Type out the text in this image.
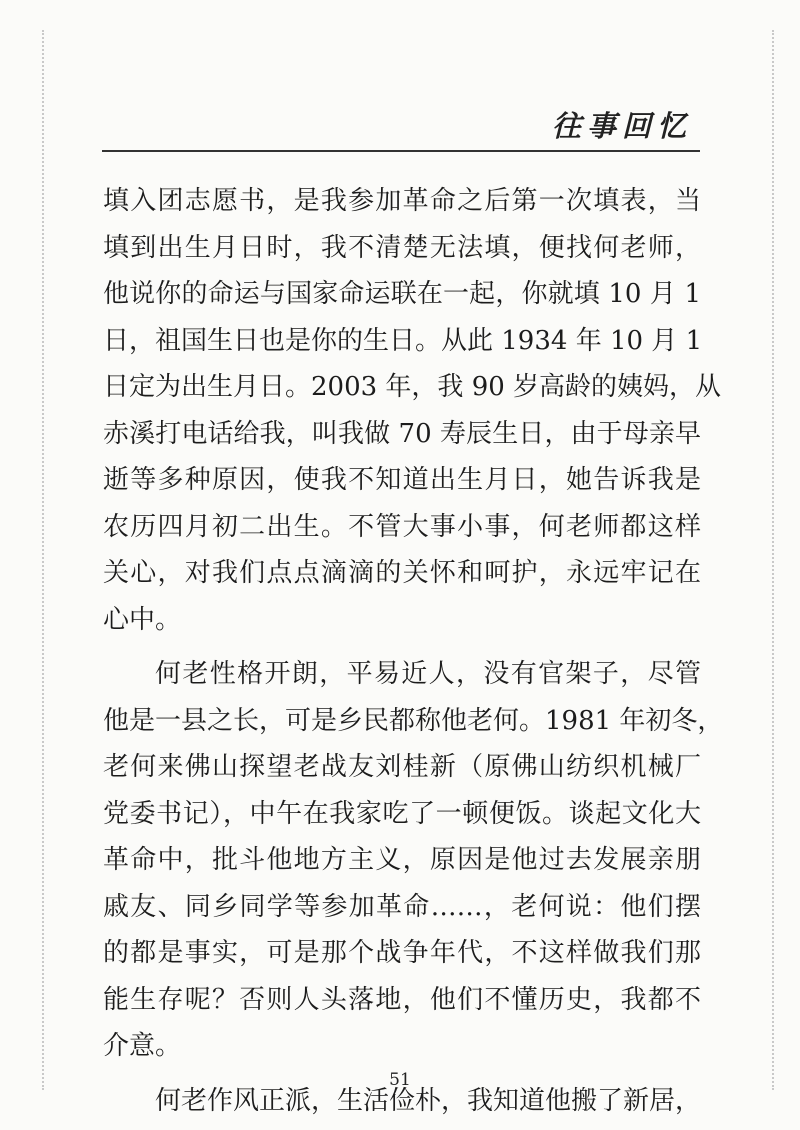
往事回忆
填入团志愿书，是我参加革命之后第一次填表，当
填到出生月日时，我不清楚无法填，便找何老师，
他说你的命运与国家命运联在一起，你就填 10 月 1
日，祖国生日也是你的生日。从此 1934 年 10 月 1
日定为出生月日。2003 年，我 90 岁高龄的姨妈，从
赤溪打电话给我，叫我做 70 寿辰生日，由于母亲早
逝等多种原因，使我不知道出生月日，她告诉我是
农历四月初二出生。不管大事小事，何老师都这样
关心，对我们点点滴滴的关怀和呵护，永远牢记在
心中。
何老性格开朗，平易近人，没有官架子，尽管
他是一县之长，可是乡民都称他老何。1981 年初冬，
老何来佛山探望老战友刘桂新（原佛山纺织机械厂
党委书记），中午在我家吃了一顿便饭。谈起文化大
革命中，批斗他地方主义，原因是他过去发展亲朋
戚友、同乡同学等参加革命……，老何说：他们摆
的都是事实，可是那个战争年代，不这样做我们那
能生存呢？否则人头落地，他们不懂历史，我都不
介意。
何老作风正派，生活俭朴，我知道他搬了新居，
51
